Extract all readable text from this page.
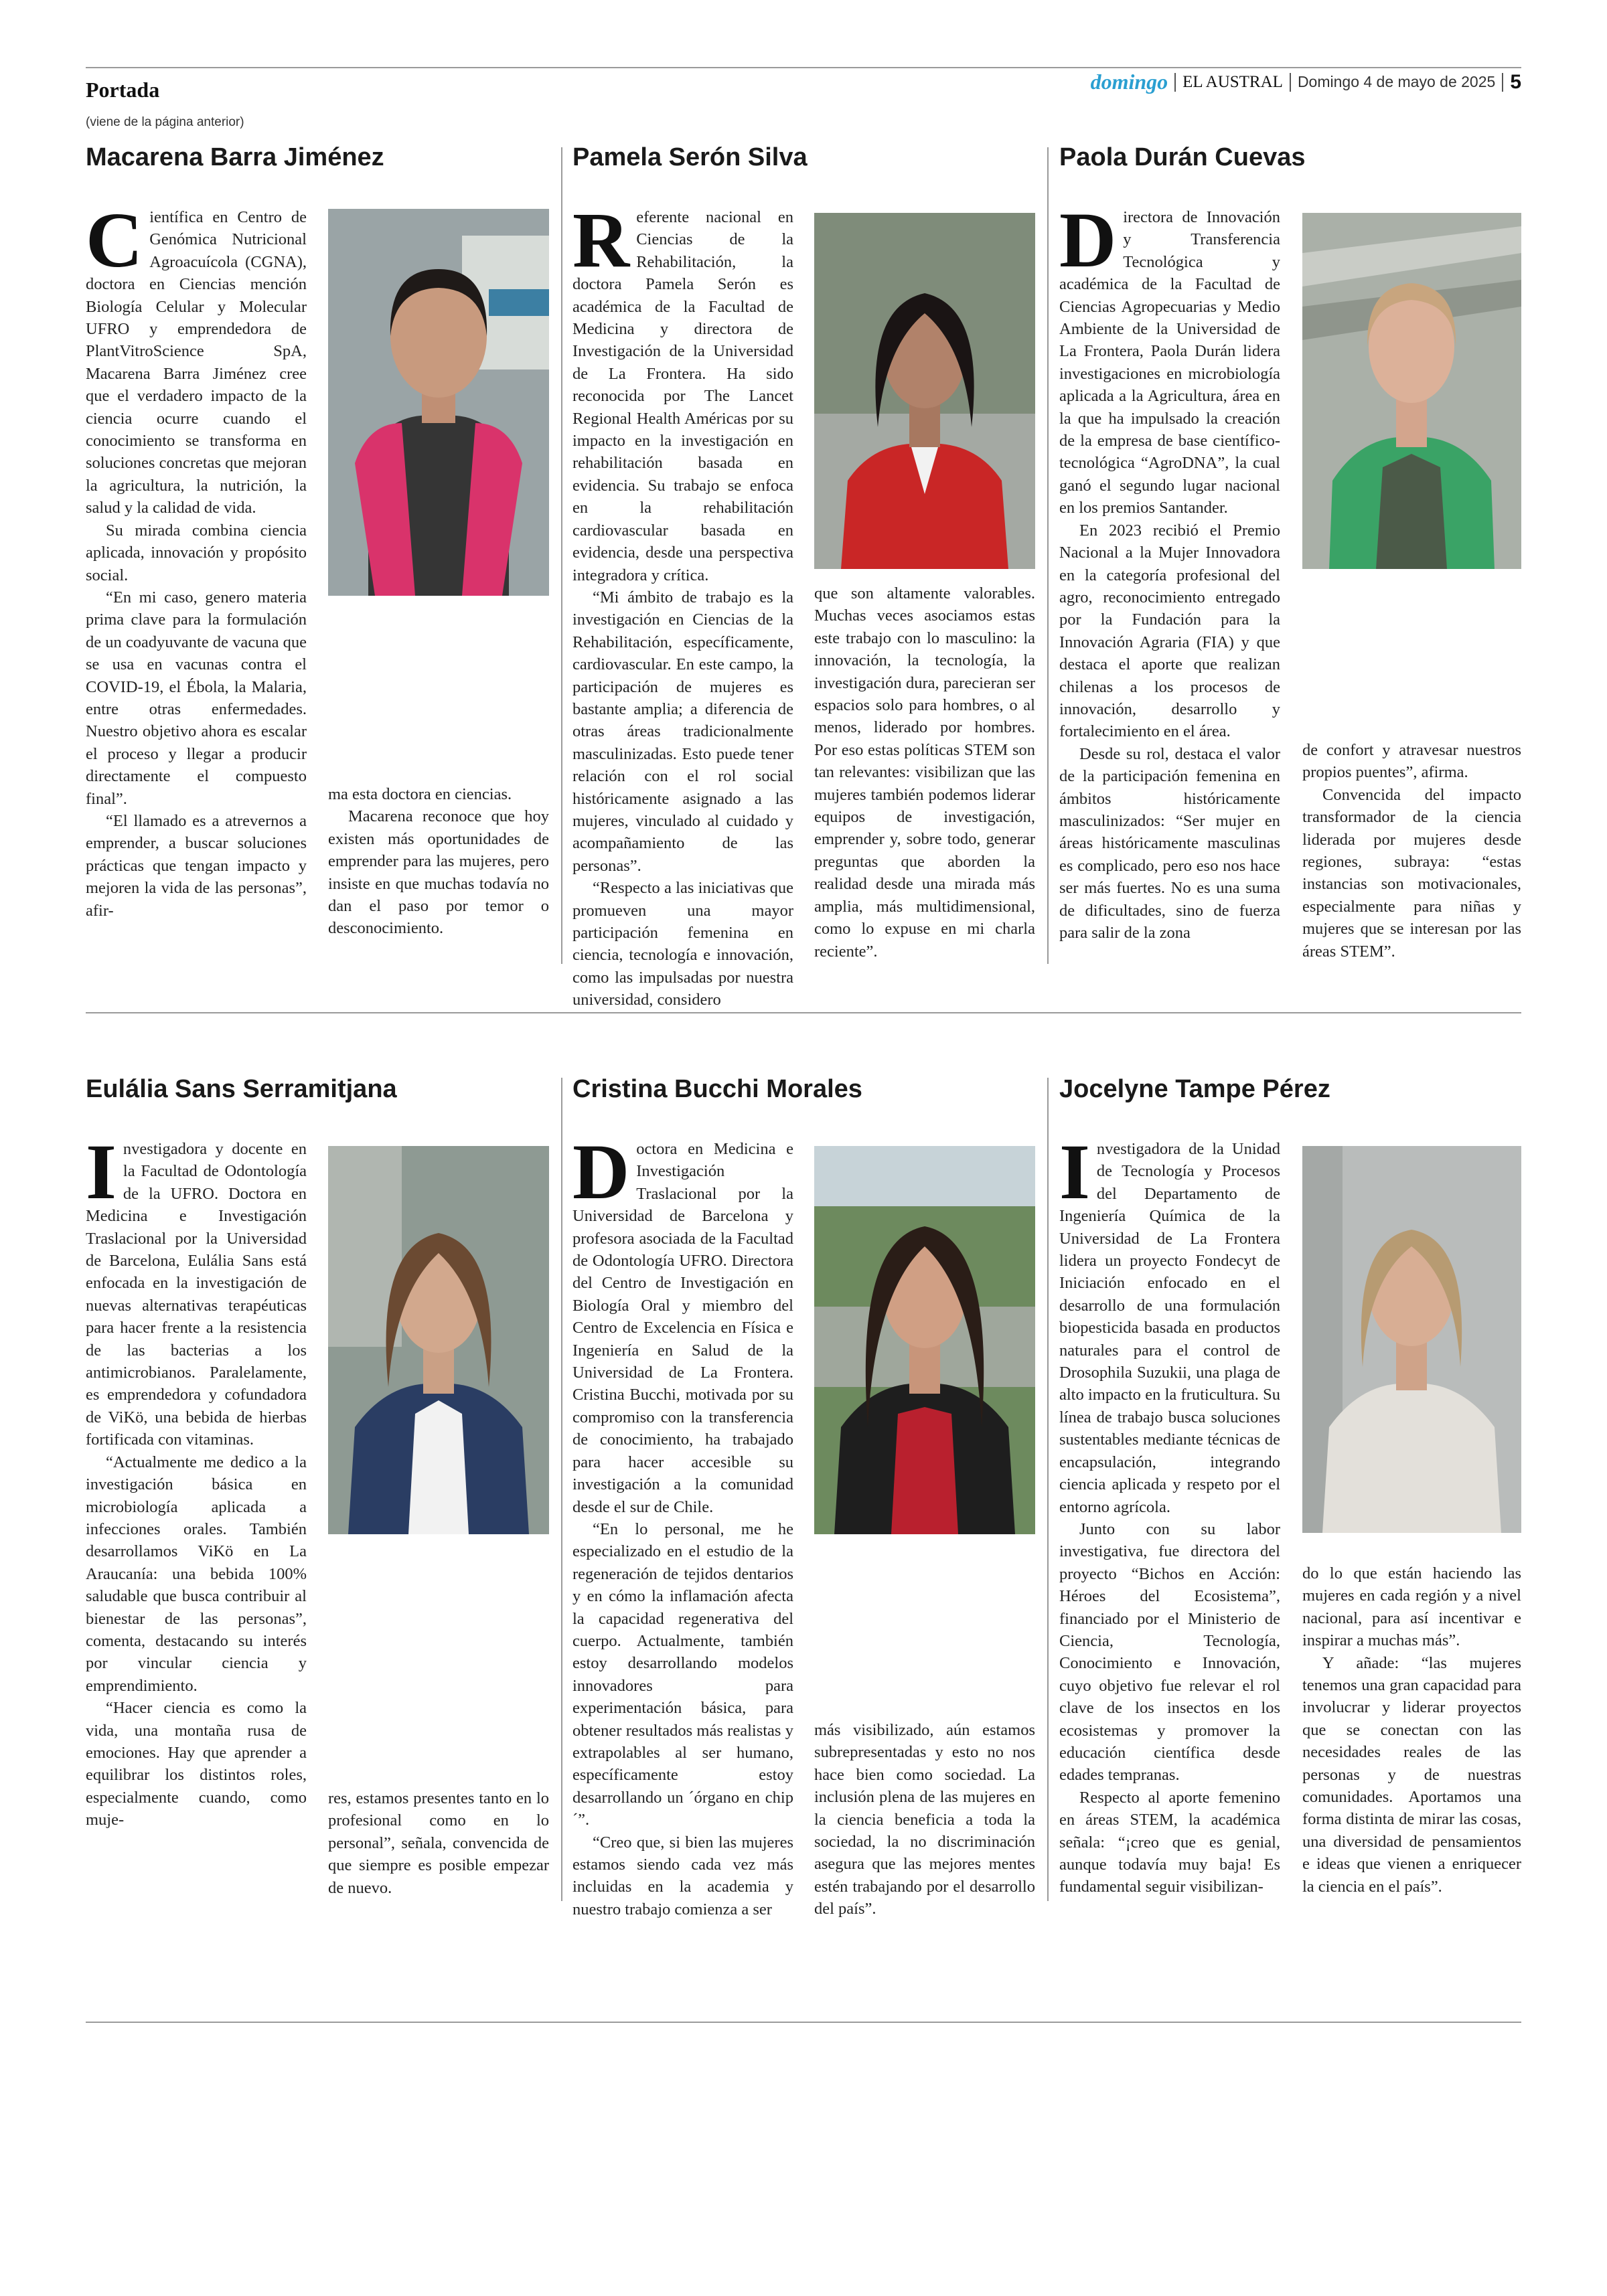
Portada
(viene de la página anterior)
domingo EL AUSTRAL Domingo 4 de mayo de 2025 5
Macarena Barra Jiménez
C ientífica en Centro de Genómica Nutricional Agroacuícola (CGNA), doctora en Ciencias mención Biología Celular y Molecular UFRO y emprendedora de PlantVitroScience SpA, Macarena Barra Jiménez cree que el verdadero impacto de la ciencia ocurre cuando el conocimiento se transforma en soluciones concretas que mejoran la agricultura, la nutrición, la salud y la calidad de vida.

Su mirada combina ciencia aplicada, innovación y propósito social.

“En mi caso, genero materia prima clave para la formulación de un coadyuvante de vacuna que se usa en vacunas contra el COVID-19, el Ébola, la Malaria, entre otras enfermedades. Nuestro objetivo ahora es escalar el proceso y llegar a producir directamente el compuesto final”.

“El llamado es a atrevernos a emprender, a buscar soluciones prácticas que tengan impacto y mejoren la vida de las personas”, afir-

ma esta doctora en ciencias.

Macarena reconoce que hoy existen más oportunidades de emprender para las mujeres, pero insiste en que muchas todavía no dan el paso por temor o desconocimiento.

Pamela Serón Silva
R eferente nacional en Ciencias de la Rehabilitación, la doctora Pamela Serón es académica de la Facultad de Medicina y directora de Investigación de la Universidad de La Frontera. Ha sido reconocida por The Lancet Regional Health Américas por su impacto en la investigación en rehabilitación basada en evidencia. Su trabajo se enfoca en la rehabilitación cardiovascular basada en evidencia, desde una perspectiva integradora y crítica.

“Mi ámbito de trabajo es la investigación en Ciencias de la Rehabilitación, específicamente, cardiovascular. En este campo, la participación de mujeres es bastante amplia; a diferencia de otras áreas tradicionalmente masculinizadas. Esto puede tener relación con el rol social históricamente asignado a las mujeres, vinculado al cuidado y acompañamiento de las personas”.

“Respecto a las iniciativas que promueven una mayor participación femenina en ciencia, tecnología e innovación, como las impulsadas por nuestra universidad, considero

que son altamente valorables. Muchas veces asociamos estas este trabajo con lo masculino: la innovación, la tecnología, la investigación dura, parecieran ser espacios solo para hombres, o al menos, liderado por hombres. Por eso estas políticas STEM son tan relevantes: visibilizan que las mujeres también podemos liderar equipos de investigación, emprender y, sobre todo, generar preguntas que aborden la realidad desde una mirada más amplia, más multidimensional, como lo expuse en mi charla reciente”.

Paola Durán Cuevas
D irectora de Innovación y Transferencia Tecnológica y académica de la Facultad de Ciencias Agropecuarias y Medio Ambiente de la Universidad de La Frontera, Paola Durán lidera investigaciones en microbiología aplicada a la Agricultura, área en la que ha impulsado la creación de la empresa de base científico-tecnológica “AgroDNA”, la cual ganó el segundo lugar nacional en los premios Santander.

En 2023 recibió el Premio Nacional a la Mujer Innovadora en la categoría profesional del agro, reconocimiento entregado por la Fundación para la Innovación Agraria (FIA) y que destaca el aporte que realizan chilenas a los procesos de innovación, desarrollo y fortalecimiento en el área.

Desde su rol, destaca el valor de la participación femenina en ámbitos históricamente masculinizados: “Ser mujer en áreas históricamente masculinas es complicado, pero eso nos hace ser más fuertes. No es una suma de dificultades, sino de fuerza para salir de la zona

de confort y atravesar nuestros propios puentes”, afirma.

Convencida del impacto transformador de la ciencia liderada por mujeres desde regiones, subraya: “estas instancias son motivacionales, especialmente para niñas y mujeres que se interesan por las áreas STEM”.

Eulália Sans Serramitjana
I nvestigadora y docente en la Facultad de Odontología de la UFRO. Doctora en Medicina e Investigación Traslacional por la Universidad de Barcelona, Eulália Sans está enfocada en la investigación de nuevas alternativas terapéuticas para hacer frente a la resistencia de las bacterias a los antimicrobianos. Paralelamente, es emprendedora y cofundadora de ViKö, una bebida de hierbas fortificada con vitaminas.

“Actualmente me dedico a la investigación básica en microbiología aplicada a infecciones orales. También desarrollamos ViKö en La Araucanía: una bebida 100% saludable que busca contribuir al bienestar de las personas”, comenta, destacando su interés por vincular ciencia y emprendimiento.

“Hacer ciencia es como la vida, una montaña rusa de emociones. Hay que aprender a equilibrar los distintos roles, especialmente cuando, como muje-

res, estamos presentes tanto en lo profesional como en lo personal”, señala, convencida de que siempre es posible empezar de nuevo.

Cristina Bucchi Morales
D octora en Medicina e Investigación Traslacional por la Universidad de Barcelona y profesora asociada de la Facultad de Odontología UFRO. Directora del Centro de Investigación en Biología Oral y miembro del Centro de Excelencia en Física e Ingeniería en Salud de la Universidad de La Frontera. Cristina Bucchi, motivada por su compromiso con la transferencia de conocimiento, ha trabajado para hacer accesible su investigación a la comunidad desde el sur de Chile.

“En lo personal, me he especializado en el estudio de la regeneración de tejidos dentarios y en cómo la inflamación afecta la capacidad regenerativa del cuerpo. Actualmente, también estoy desarrollando modelos innovadores para experimentación básica, para obtener resultados más realistas y extrapolables al ser humano, específicamente estoy desarrollando un ´órgano en chip´”.

“Creo que, si bien las mujeres estamos siendo cada vez más incluidas en la academia y nuestro trabajo comienza a ser

más visibilizado, aún estamos subrepresentadas y esto no nos hace bien como sociedad. La inclusión plena de las mujeres en la ciencia beneficia a toda la sociedad, la no discriminación asegura que las mejores mentes estén trabajando por el desarrollo del país”.

Jocelyne Tampe Pérez
I nvestigadora de la Unidad de Tecnología y Procesos del Departamento de Ingeniería Química de la Universidad de La Frontera lidera un proyecto Fondecyt de Iniciación enfocado en el desarrollo de una formulación biopesticida basada en productos naturales para el control de Drosophila Suzukii, una plaga de alto impacto en la fruticultura. Su línea de trabajo busca soluciones sustentables mediante técnicas de encapsulación, integrando ciencia aplicada y respeto por el entorno agrícola.

Junto con su labor investigativa, fue directora del proyecto “Bichos en Acción: Héroes del Ecosistema”, financiado por el Ministerio de Ciencia, Tecnología, Conocimiento e Innovación, cuyo objetivo fue relevar el rol clave de los insectos en los ecosistemas y promover la educación científica desde edades tempranas.

Respecto al aporte femenino en áreas STEM, la académica señala: “¡creo que es genial, aunque todavía muy baja! Es fundamental seguir visibilizan-

do lo que están haciendo las mujeres en cada región y a nivel nacional, para así incentivar e inspirar a muchas más”.

Y añade: “las mujeres tenemos una gran capacidad para involucrar y liderar proyectos que se conectan con las necesidades reales de las personas y de nuestras comunidades. Aportamos una forma distinta de mirar las cosas, una diversidad de pensamientos e ideas que vienen a enriquecer la ciencia en el país”.
